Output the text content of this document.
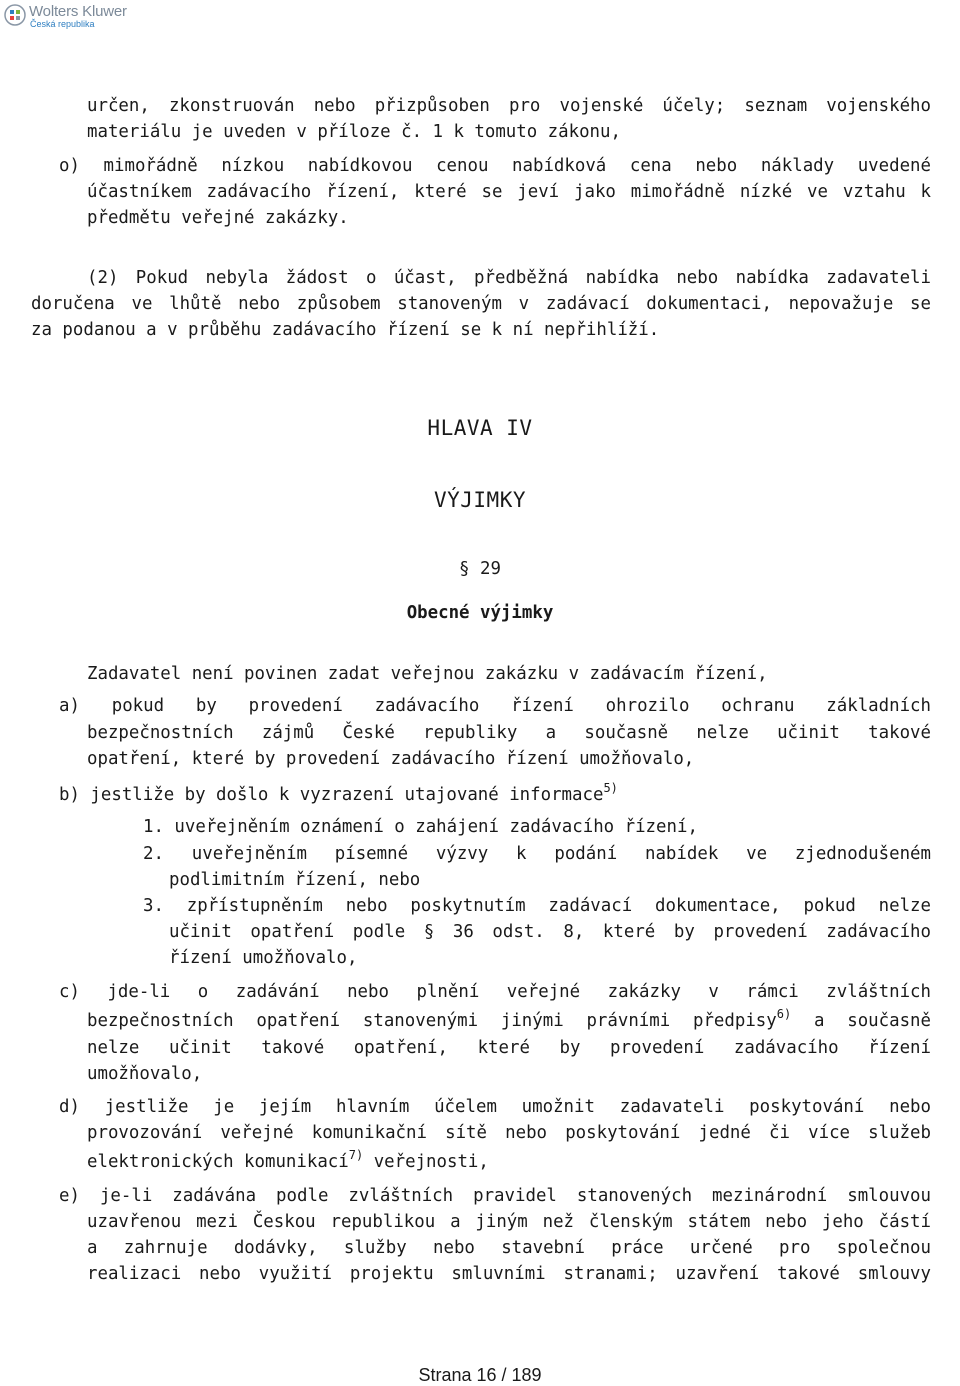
Wolters Kluwer
Česká republika
určen, zkonstruován nebo přizpůsoben pro vojenské účely; seznam vojenského
materiálu je uveden v příloze č. 1 k tomuto zákonu,
o) mimořádně nízkou nabídkovou cenou nabídková cena nebo náklady uvedené
účastníkem zadávacího řízení, které se jeví jako mimořádně nízké ve vztahu k
předmětu veřejné zakázky.
(2) Pokud nebyla žádost o účast, předběžná nabídka nebo nabídka zadavateli
doručena ve lhůtě nebo způsobem stanoveným v zadávací dokumentaci, nepovažuje se
za podanou a v průběhu zadávacího řízení se k ní nepřihlíží.
HLAVA IV
VÝJIMKY
§ 29
Obecné výjimky
Zadavatel není povinen zadat veřejnou zakázku v zadávacím řízení,
a) pokud by provedení zadávacího řízení ohrozilo ochranu základních
bezpečnostních zájmů České republiky a současně nelze učinit takové
opatření, které by provedení zadávacího řízení umožňovalo,
b) jestliže by došlo k vyzrazení utajované informace$^{5)}$
1. uveřejněním oznámení o zahájení zadávacího řízení,
2. uveřejněním písemné výzvy k podání nabídek ve zjednodušeném
podlimitním řízení, nebo
3. zpřístupněním nebo poskytnutím zadávací dokumentace, pokud nelze
učinit opatření podle § 36 odst. 8, které by provedení zadávacího
řízení umožňovalo,
c) jde-li o zadávání nebo plnění veřejné zakázky v rámci zvláštních
bezpečnostních opatření stanovenými jinými právními předpisy$^{6)}$ a současně
nelze učinit takové opatření, které by provedení zadávacího řízení
umožňovalo,
d) jestliže je jejím hlavním účelem umožnit zadavateli poskytování nebo
provozování veřejné komunikační sítě nebo poskytování jedné či více služeb
elektronických komunikací$^{7)}$ veřejnosti,
e) je-li zadávána podle zvláštních pravidel stanovených mezinárodní smlouvou
uzavřenou mezi Českou republikou a jiným než členským státem nebo jeho částí
a zahrnuje dodávky, služby nebo stavební práce určené pro společnou
realizaci nebo využití projektu smluvními stranami; uzavření takové smlouvy
Strana 16 / 189
